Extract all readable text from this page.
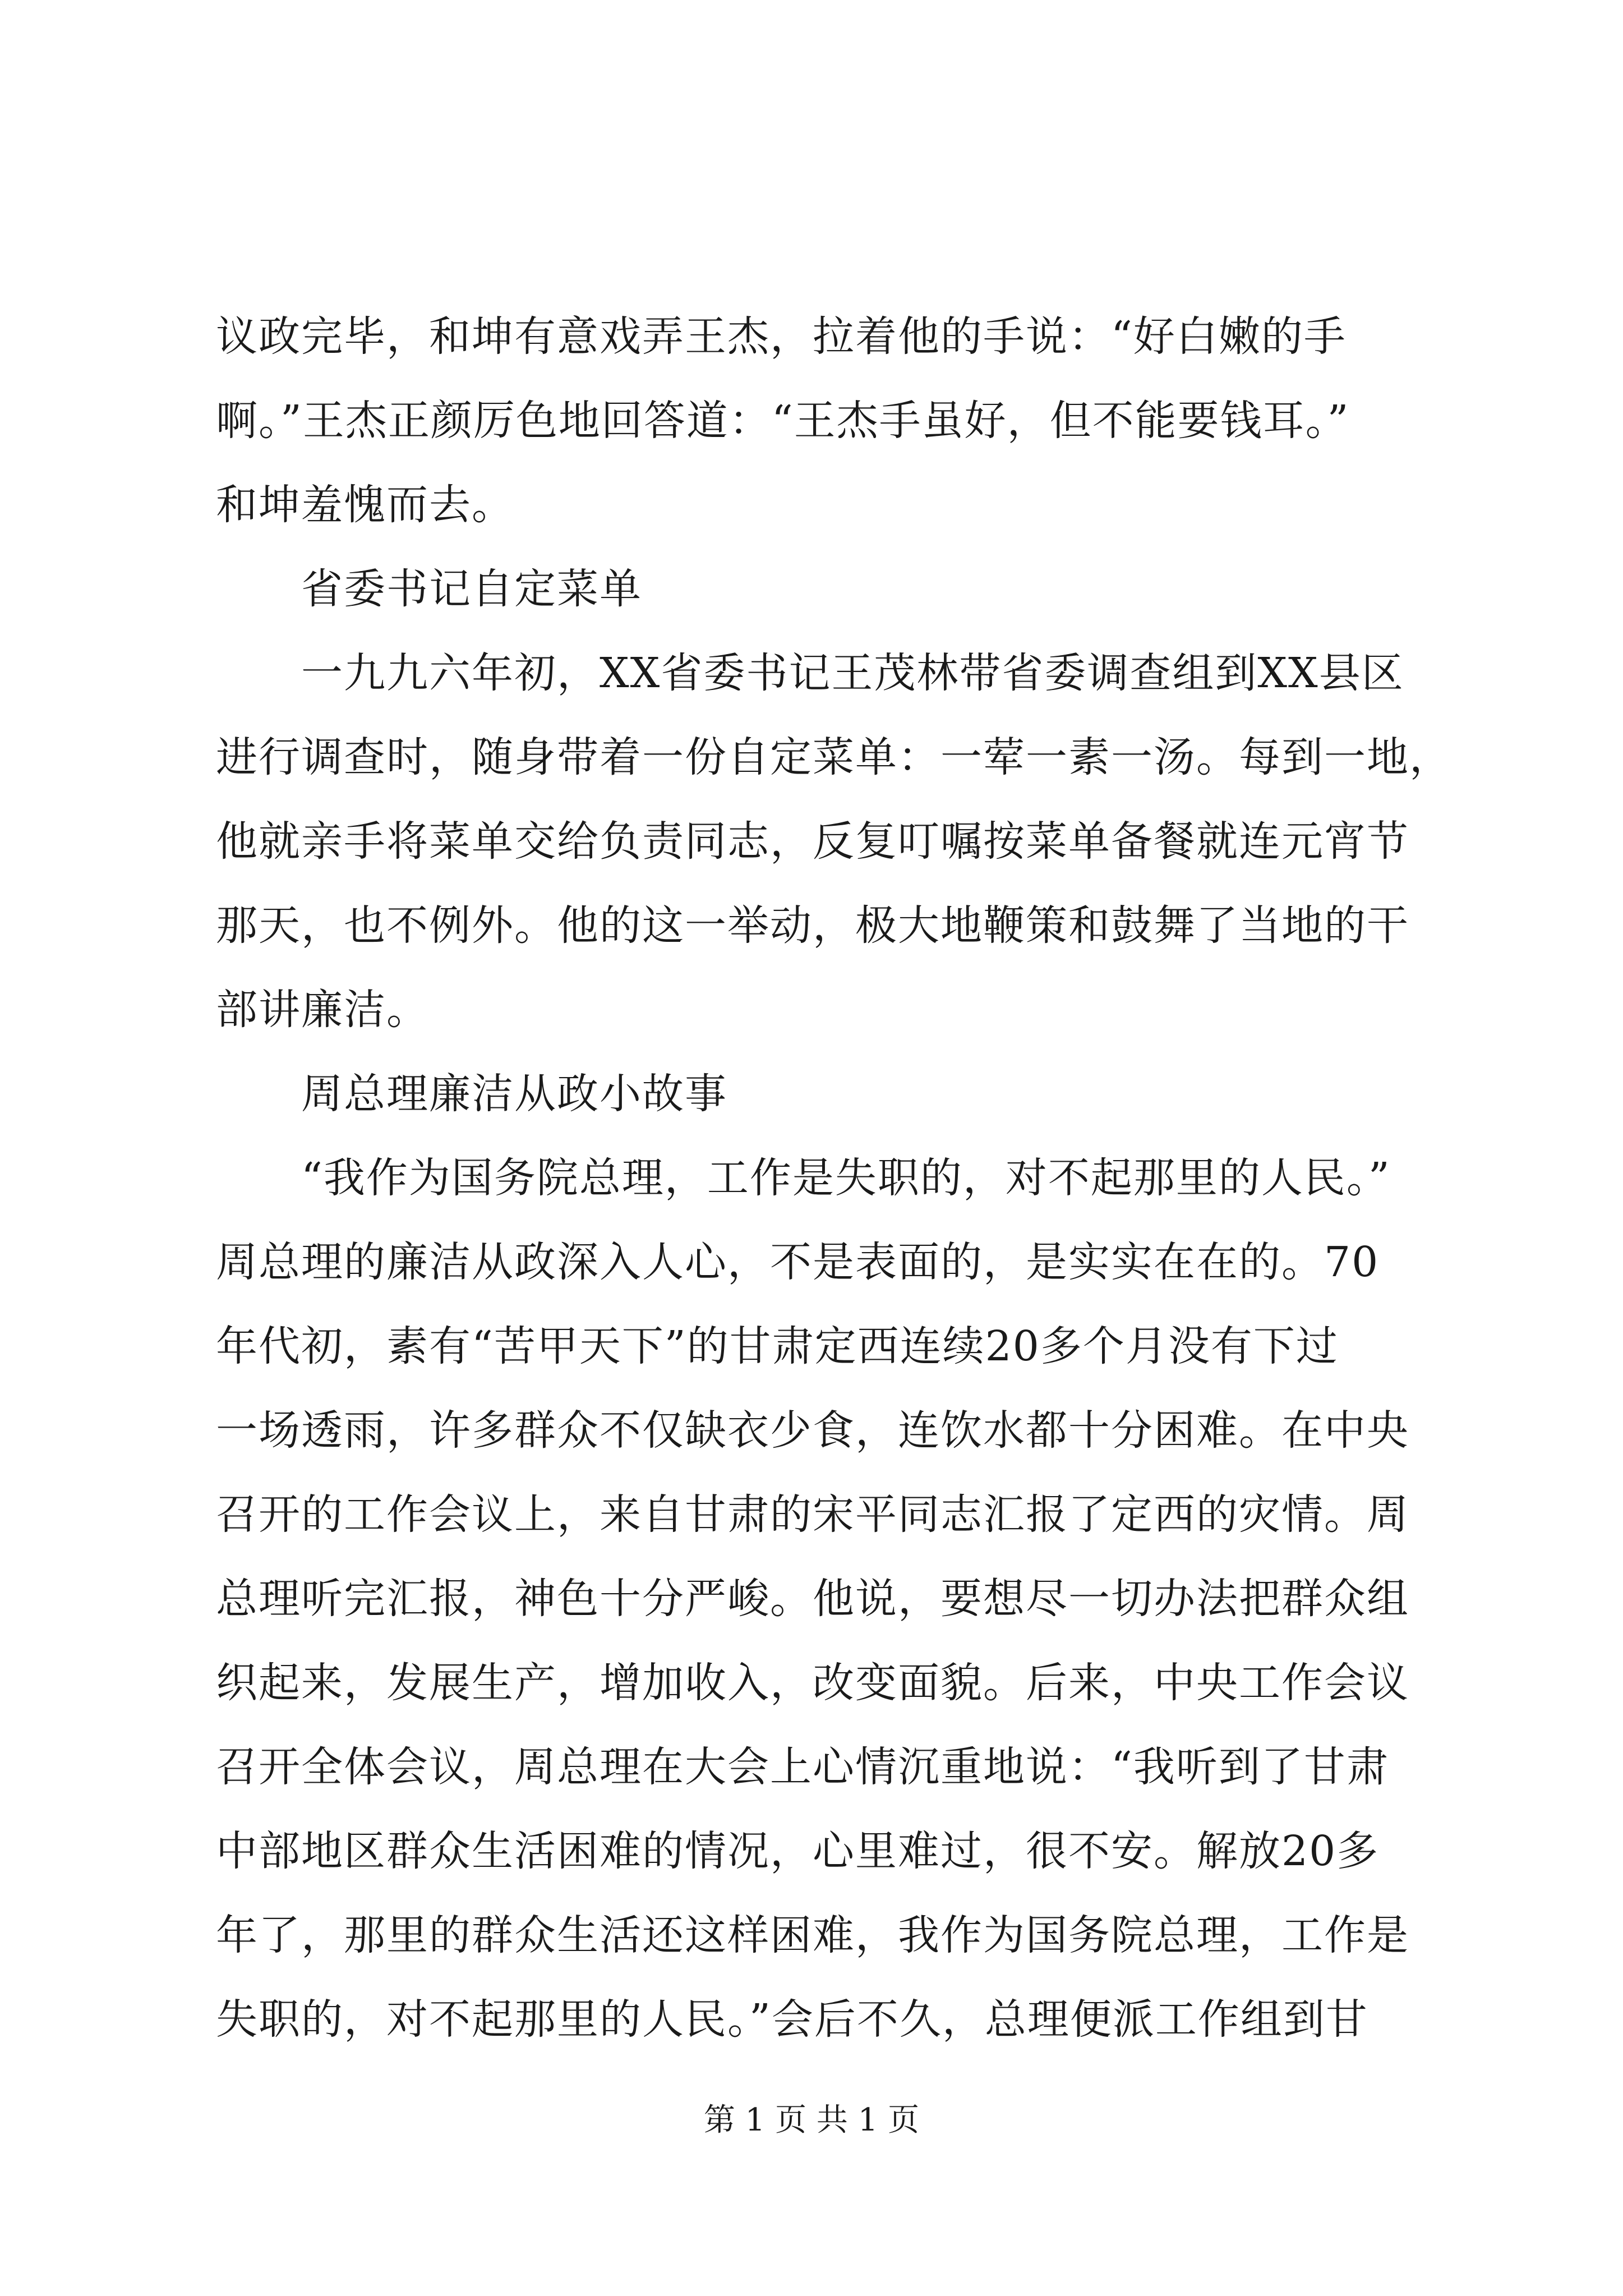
议政完毕，和坤有意戏弄王杰，拉着他的手说：“好白嫩的手
啊。”王杰正颜厉色地回答道：“王杰手虽好，但不能要钱耳。”
和坤羞愧而去。
　　省委书记自定菜单
　　一九九六年初，XX省委书记王茂林带省委调查组到XX县区
进行调查时，随身带着一份自定菜单：一荤一素一汤。每到一地，
他就亲手将菜单交给负责同志，反复叮嘱按菜单备餐就连元宵节
那天，也不例外。他的这一举动，极大地鞭策和鼓舞了当地的干
部讲廉洁。
　　周总理廉洁从政小故事
　　“我作为国务院总理，工作是失职的，对不起那里的人民。”
周总理的廉洁从政深入人心，不是表面的，是实实在在的。70
年代初，素有“苦甲天下”的甘肃定西连续20多个月没有下过
一场透雨，许多群众不仅缺衣少食，连饮水都十分困难。在中央
召开的工作会议上，来自甘肃的宋平同志汇报了定西的灾情。周
总理听完汇报，神色十分严峻。他说，要想尽一切办法把群众组
织起来，发展生产，增加收入，改变面貌。后来，中央工作会议
召开全体会议，周总理在大会上心情沉重地说：“我听到了甘肃
中部地区群众生活困难的情况，心里难过，很不安。解放20多
年了，那里的群众生活还这样困难，我作为国务院总理，工作是
失职的，对不起那里的人民。”会后不久，总理便派工作组到甘
第 1 页 共 1 页
